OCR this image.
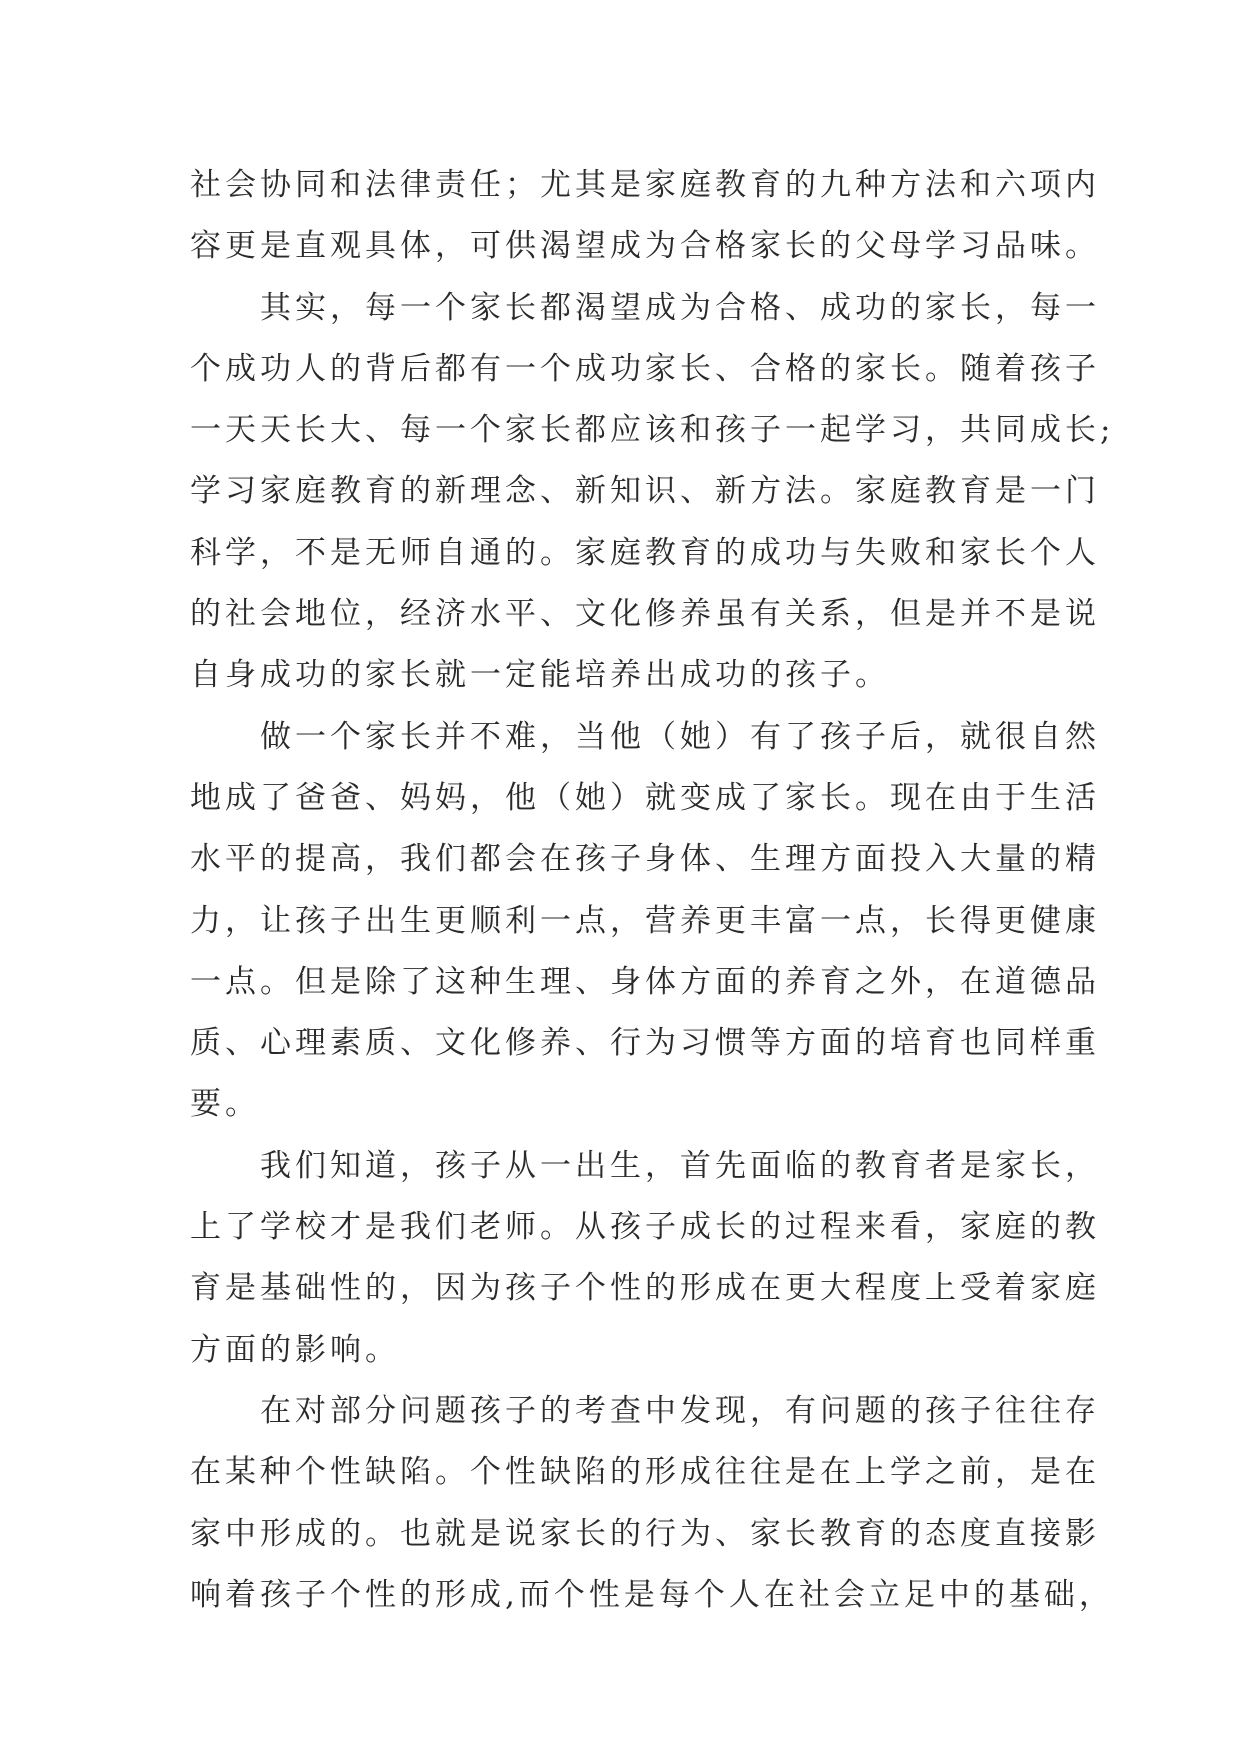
社会协同和法律责任；尤其是家庭教育的九种方法和六项内
容更是直观具体，可供渴望成为合格家长的父母学习品味。
其实，每一个家长都渴望成为合格、成功的家长，每一
个成功人的背后都有一个成功家长、合格的家长。随着孩子
一天天长大、每一个家长都应该和孩子一起学习，共同成长;
学习家庭教育的新理念、新知识、新方法。家庭教育是一门
科学，不是无师自通的。家庭教育的成功与失败和家长个人
的社会地位，经济水平、文化修养虽有关系，但是并不是说
自身成功的家长就一定能培养出成功的孩子。
做一个家长并不难，当他（她）有了孩子后，就很自然
地成了爸爸、妈妈，他（她）就变成了家长。现在由于生活
水平的提高，我们都会在孩子身体、生理方面投入大量的精
力，让孩子出生更顺利一点，营养更丰富一点，长得更健康
一点。但是除了这种生理、身体方面的养育之外，在道德品
质、心理素质、文化修养、行为习惯等方面的培育也同样重
要。
我们知道，孩子从一出生，首先面临的教育者是家长，
上了学校才是我们老师。从孩子成长的过程来看，家庭的教
育是基础性的，因为孩子个性的形成在更大程度上受着家庭
方面的影响。
在对部分问题孩子的考查中发现，有问题的孩子往往存
在某种个性缺陷。个性缺陷的形成往往是在上学之前，是在
家中形成的。也就是说家长的行为、家长教育的态度直接影
响着孩子个性的形成,而个性是每个人在社会立足中的基础，
